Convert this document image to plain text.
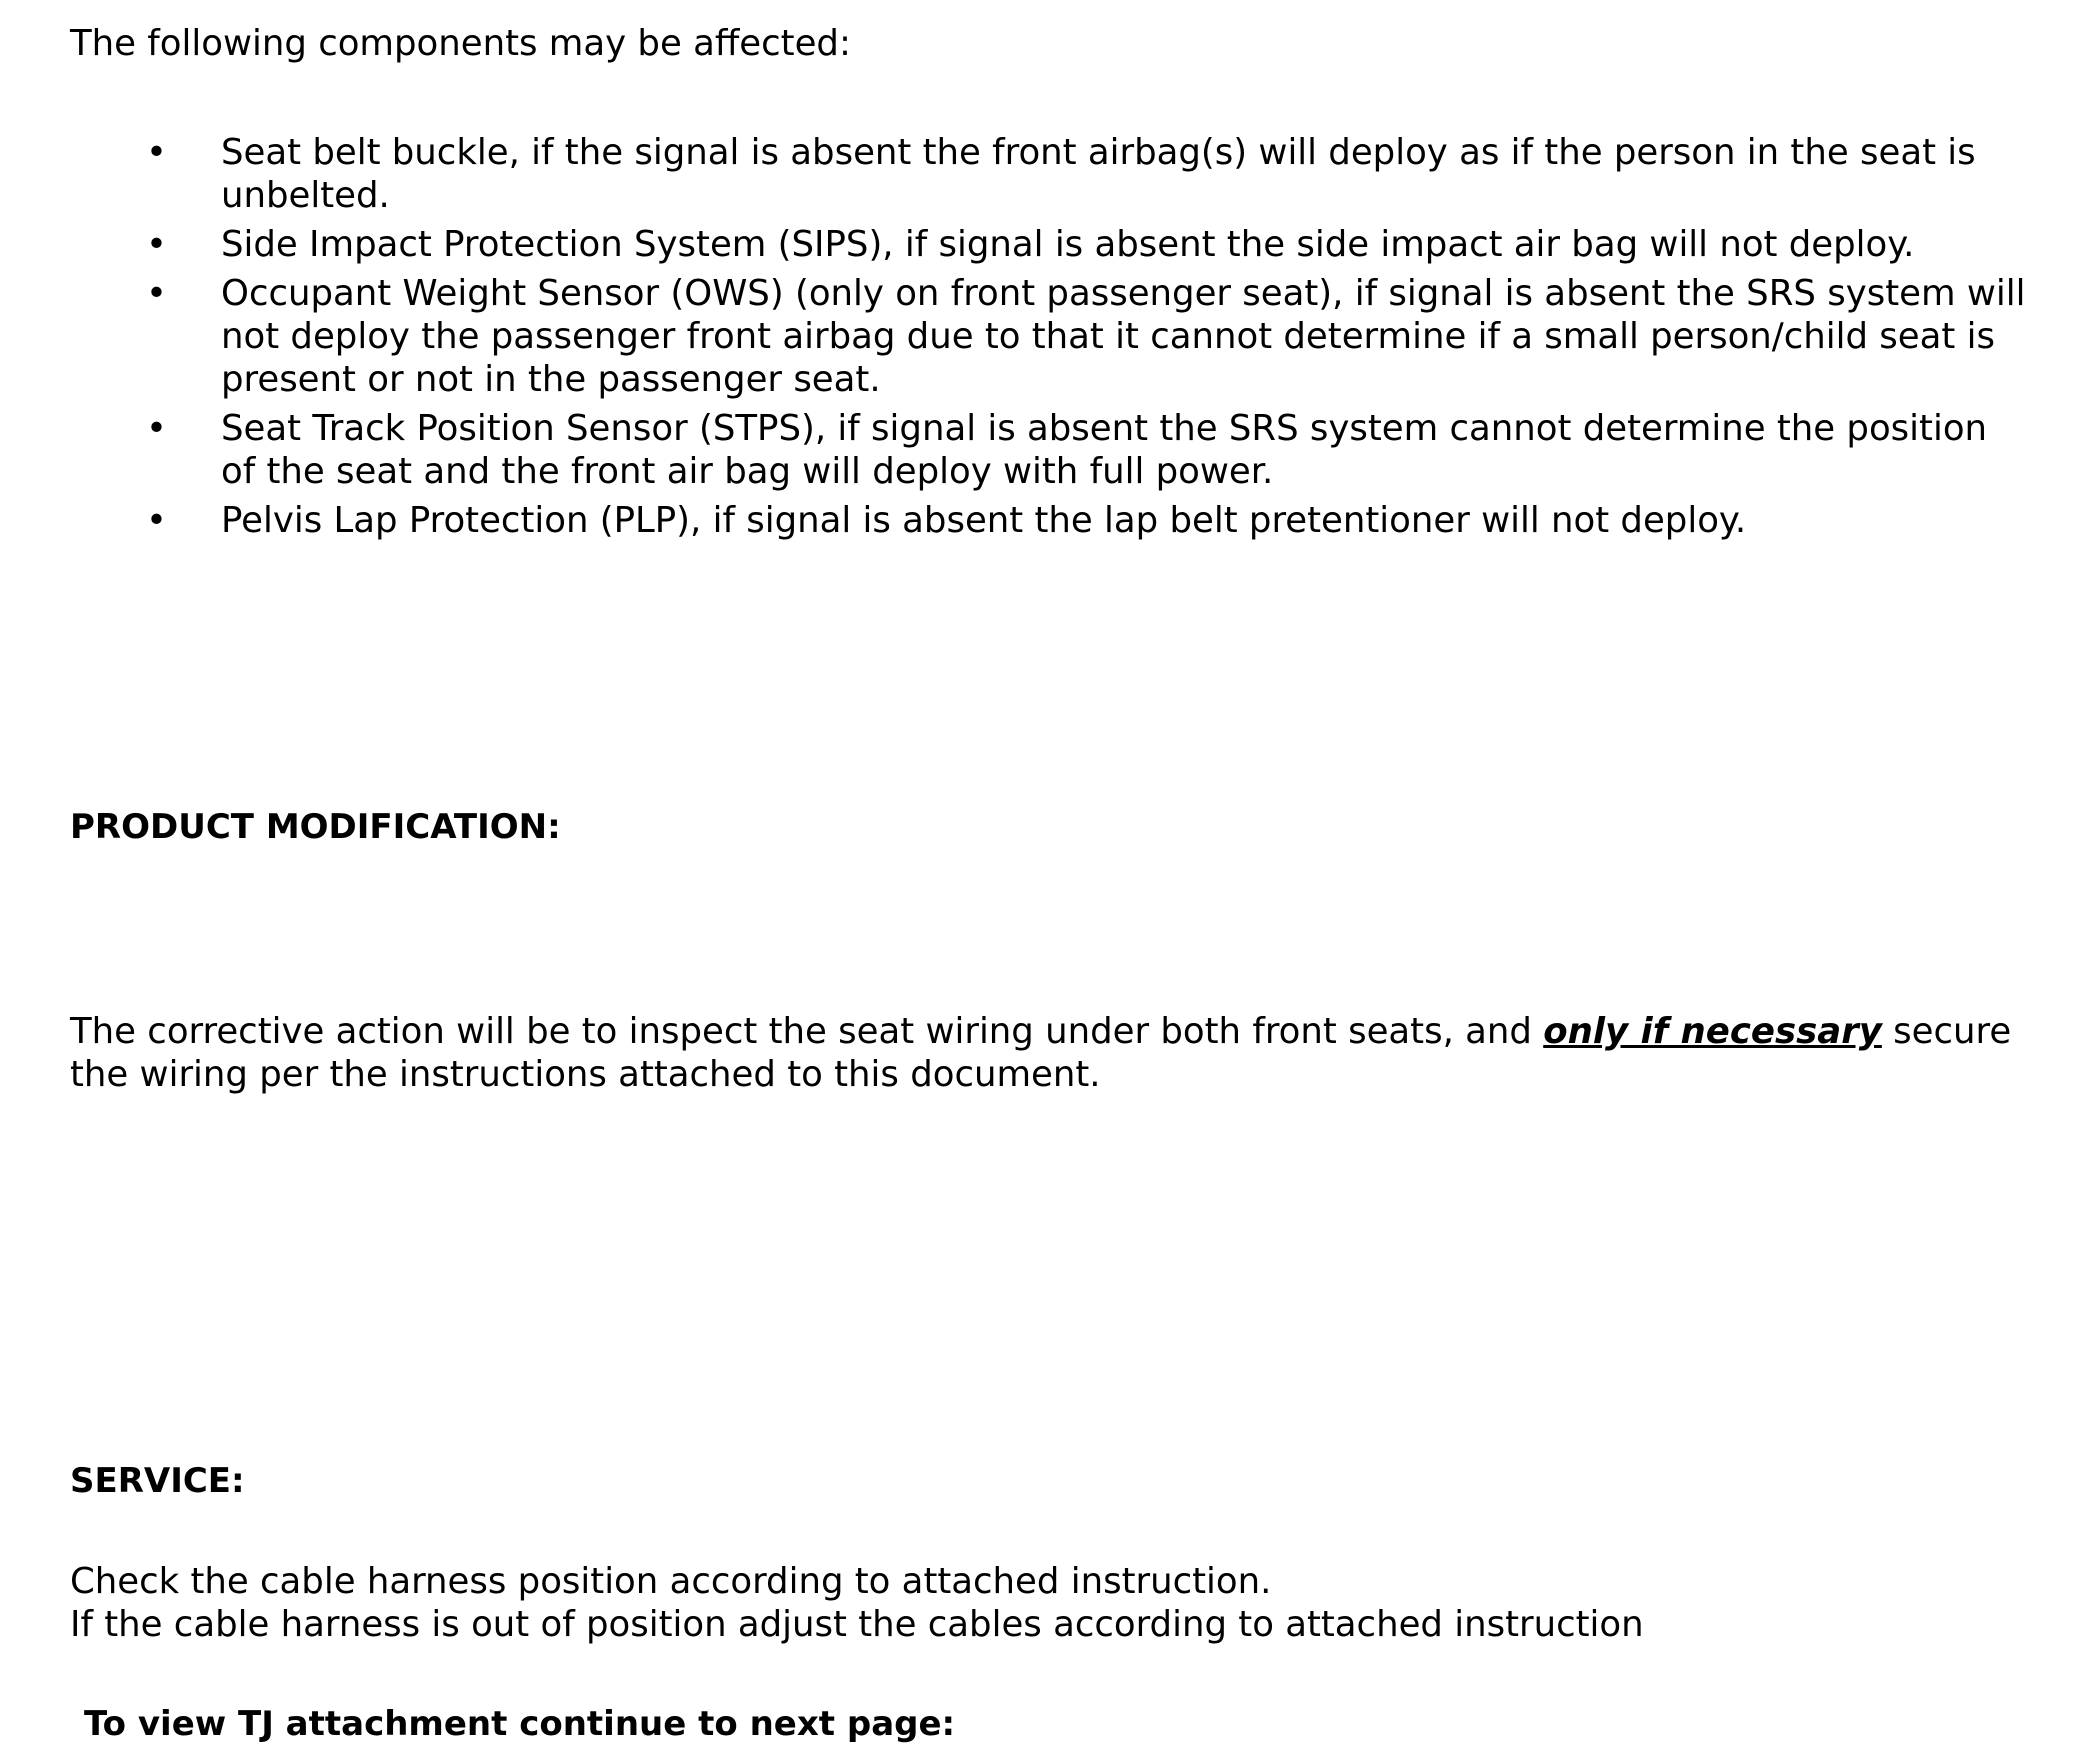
The following components may be affected:

• Seat belt buckle, if the signal is absent the front airbag(s) will deploy as if the person in the seat is unbelted.
• Side Impact Protection System (SIPS), if signal is absent the side impact air bag will not deploy.
• Occupant Weight Sensor (OWS) (only on front passenger seat), if signal is absent the SRS system will not deploy the passenger front airbag due to that it cannot determine if a small person/child seat is present or not in the passenger seat.
• Seat Track Position Sensor (STPS), if signal is absent the SRS system cannot determine the position of the seat and the front air bag will deploy with full power.
• Pelvis Lap Protection (PLP), if signal is absent the lap belt pretentioner will not deploy.
PRODUCT MODIFICATION:

The corrective action will be to inspect the seat wiring under both front seats, and only if necessary secure the wiring per the instructions attached to this document.

SERVICE:

Check the cable harness position according to attached instruction.

If the cable harness is out of position adjust the cables according to attached instruction

To view TJ attachment continue to next page:
